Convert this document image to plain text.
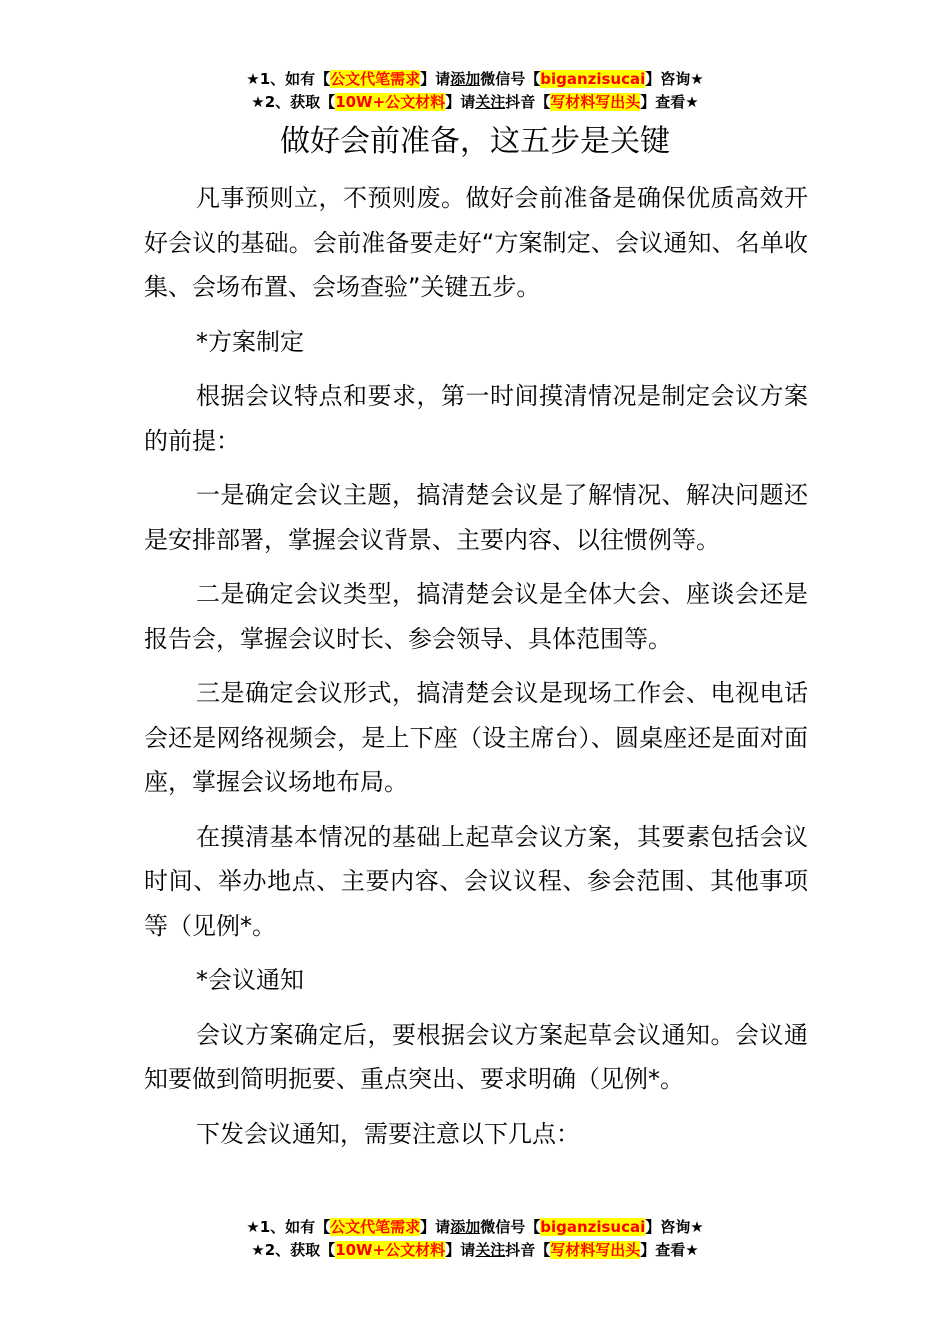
★1、如有【公文代笔需求】请添加微信号【biganzisucai】咨询★
★2、获取【10W+公文材料】请关注抖音【写材料写出头】查看★
做好会前准备，这五步是关键

凡事预则立，不预则废。做好会前准备是确保优质高效开好会议的基础。会前准备要走好“方案制定、会议通知、名单收集、会场布置、会场查验”关键五步。

*方案制定

根据会议特点和要求，第一时间摸清情况是制定会议方案的前提：

一是确定会议主题，搞清楚会议是了解情况、解决问题还是安排部署，掌握会议背景、主要内容、以往惯例等。

二是确定会议类型，搞清楚会议是全体大会、座谈会还是报告会，掌握会议时长、参会领导、具体范围等。

三是确定会议形式，搞清楚会议是现场工作会、电视电话会还是网络视频会，是上下座（设主席台）、圆桌座还是面对面座，掌握会议场地布局。

在摸清基本情况的基础上起草会议方案，其要素包括会议时间、举办地点、主要内容、会议议程、参会范围、其他事项等（见例*。

*会议通知

会议方案确定后，要根据会议方案起草会议通知。会议通知要做到简明扼要、重点突出、要求明确（见例*。

下发会议通知，需要注意以下几点：

★1、如有【公文代笔需求】请添加微信号【biganzisucai】咨询★
★2、获取【10W+公文材料】请关注抖音【写材料写出头】查看★
